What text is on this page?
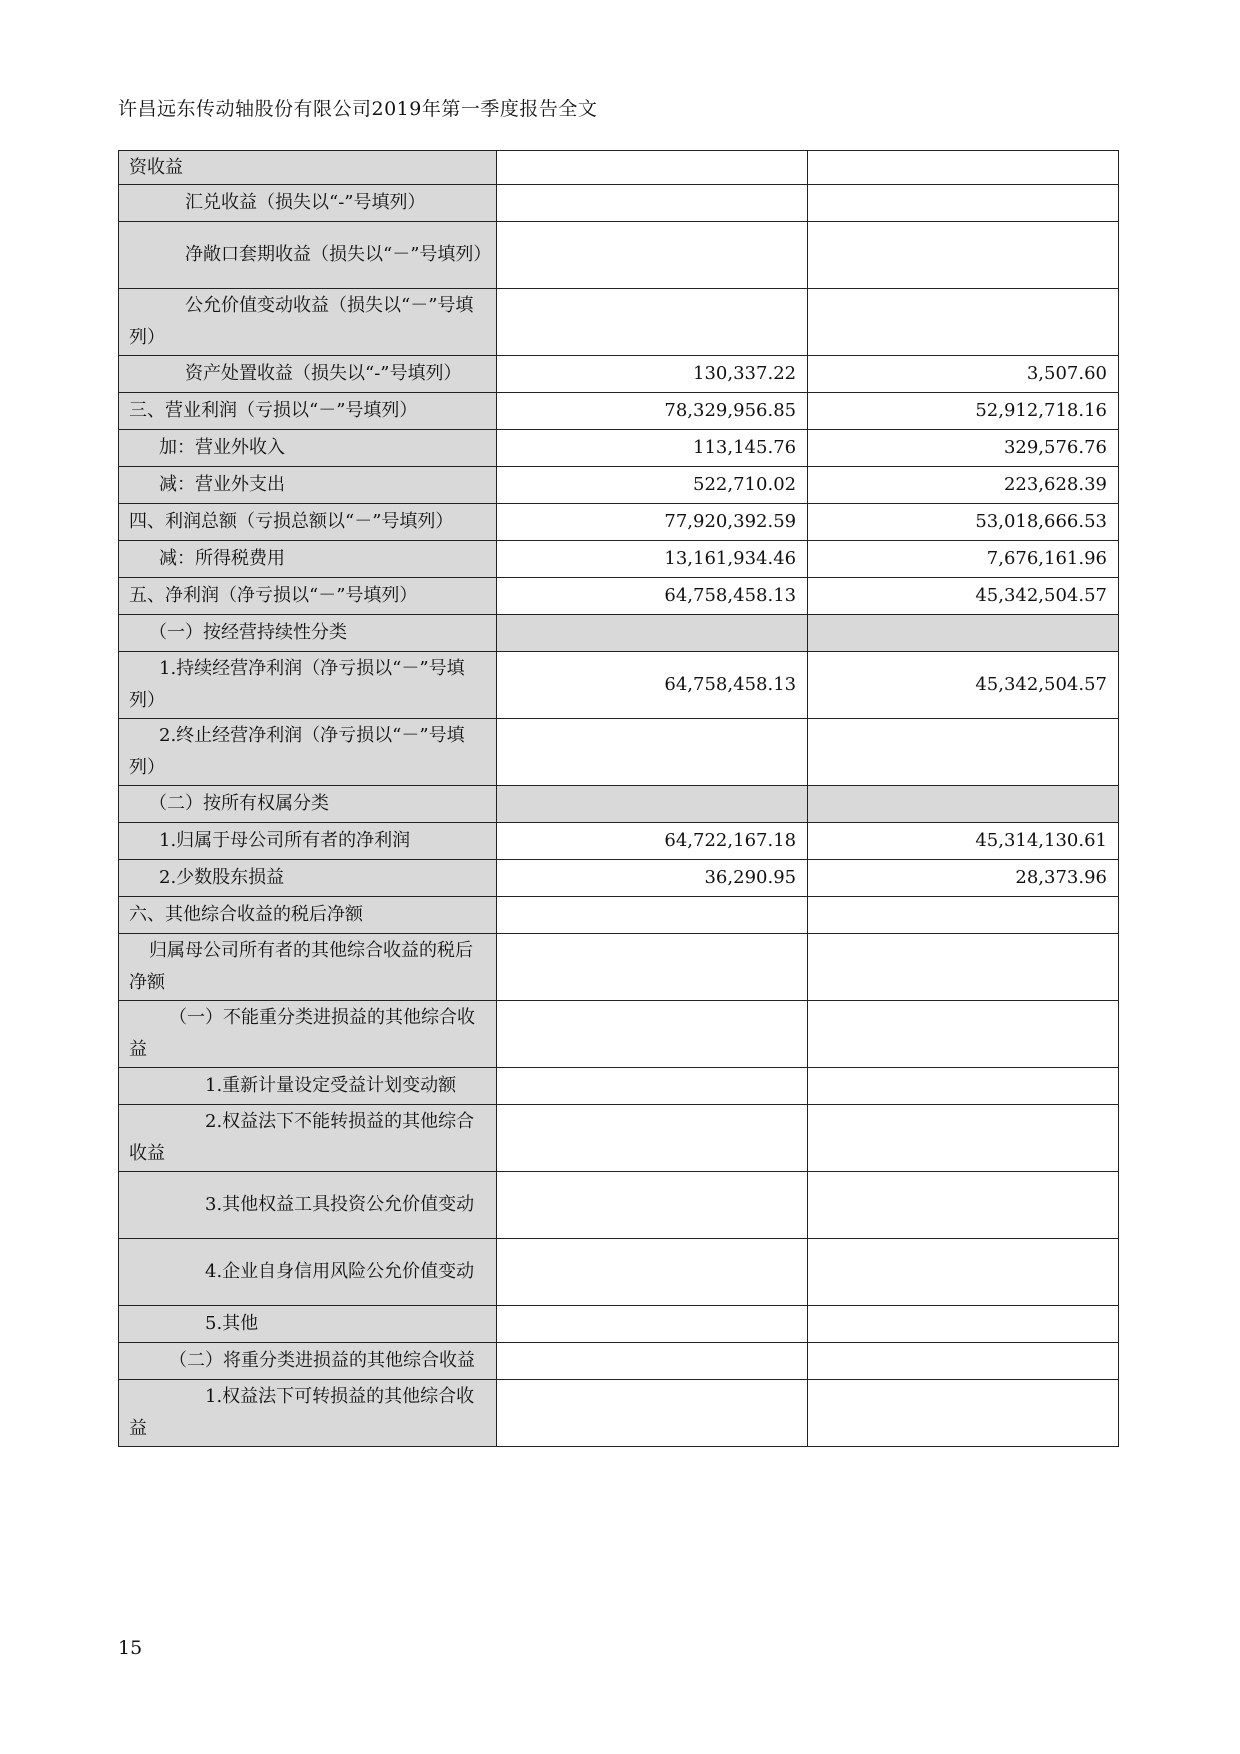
许昌远东传动轴股份有限公司2019年第一季度报告全文
资收益		
汇兑收益（损失以“-”号填列）		
净敞口套期收益（损失以“－”号填列）		
公允价值变动收益（损失以“－”号填列）		
资产处置收益（损失以“-”号填列）	130,337.22	3,507.60
三、营业利润（亏损以“－”号填列）	78,329,956.85	52,912,718.16
加：营业外收入	113,145.76	329,576.76
减：营业外支出	522,710.02	223,628.39
四、利润总额（亏损总额以“－”号填列）	77,920,392.59	53,018,666.53
减：所得税费用	13,161,934.46	7,676,161.96
五、净利润（净亏损以“－”号填列）	64,758,458.13	45,342,504.57
（一）按经营持续性分类		
1.持续经营净利润（净亏损以“－”号填列）	64,758,458.13	45,342,504.57
2.终止经营净利润（净亏损以“－”号填列）		
（二）按所有权属分类		
1.归属于母公司所有者的净利润	64,722,167.18	45,314,130.61
2.少数股东损益	36,290.95	28,373.96
六、其他综合收益的税后净额		
归属母公司所有者的其他综合收益的税后净额		
（一）不能重分类进损益的其他综合收益		
1.重新计量设定受益计划变动额		
2.权益法下不能转损益的其他综合收益		
3.其他权益工具投资公允价值变动		
4.企业自身信用风险公允价值变动		
5.其他		
（二）将重分类进损益的其他综合收益		
1.权益法下可转损益的其他综合收益		
15
